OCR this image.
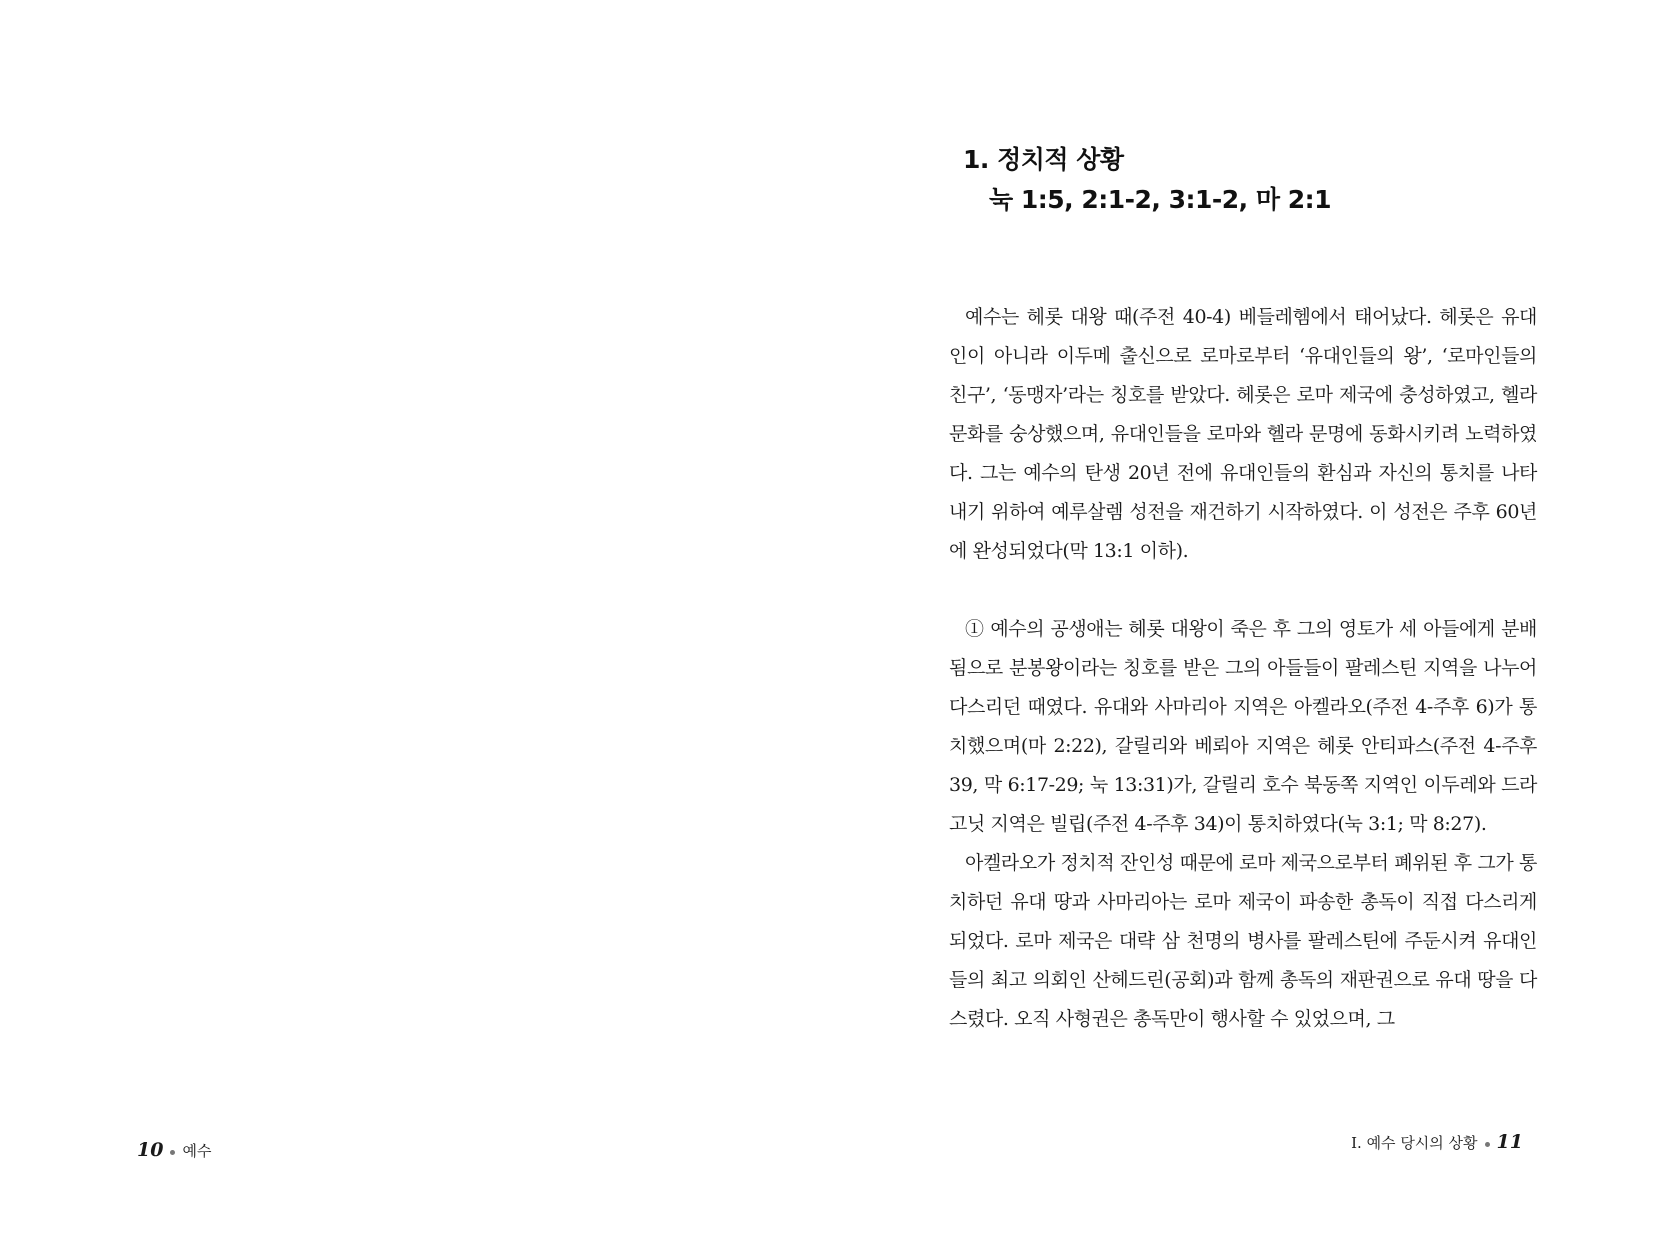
10 예수
1. 정치적 상황
눅 1:5, 2:1-2, 3:1-2, 마 2:1

예수는 헤롯 대왕 때(주전 40-4) 베들레헴에서 태어났다. 헤롯은 유대인이 아니라 이두메 출신으로 로마로부터 ‘유대인들의 왕’, ‘로마인들의 친구’, ‘동맹자’라는 칭호를 받았다. 헤롯은 로마 제국에 충성하였고, 헬라 문화를 숭상했으며, 유대인들을 로마와 헬라 문명에 동화시키려 노력하였다. 그는 예수의 탄생 20년 전에 유대인들의 환심과 자신의 통치를 나타내기 위하여 예루살렘 성전을 재건하기 시작하였다. 이 성전은 주후 60년에 완성되었다(막 13:1 이하).

① 예수의 공생애는 헤롯 대왕이 죽은 후 그의 영토가 세 아들에게 분배됨으로 분봉왕이라는 칭호를 받은 그의 아들들이 팔레스틴 지역을 나누어 다스리던 때였다. 유대와 사마리아 지역은 아켈라오(주전 4-주후 6)가 통치했으며(마 2:22), 갈릴리와 베뢰아 지역은 헤롯 안티파스(주전 4-주후 39, 막 6:17-29; 눅 13:31)가, 갈릴리 호수 북동쪽 지역인 이두레와 드라고닛 지역은 빌립(주전 4-주후 34)이 통치하였다(눅 3:1; 막 8:27).

아켈라오가 정치적 잔인성 때문에 로마 제국으로부터 폐위된 후 그가 통치하던 유대 땅과 사마리아는 로마 제국이 파송한 총독이 직접 다스리게 되었다. 로마 제국은 대략 삼 천명의 병사를 팔레스틴에 주둔시켜 유대인들의 최고 의회인 산헤드린(공회)과 함께 총독의 재판권으로 유대 땅을 다스렸다. 오직 사형권은 총독만이 행사할 수 있었으며, 그

I. 예수 당시의 상황 11
